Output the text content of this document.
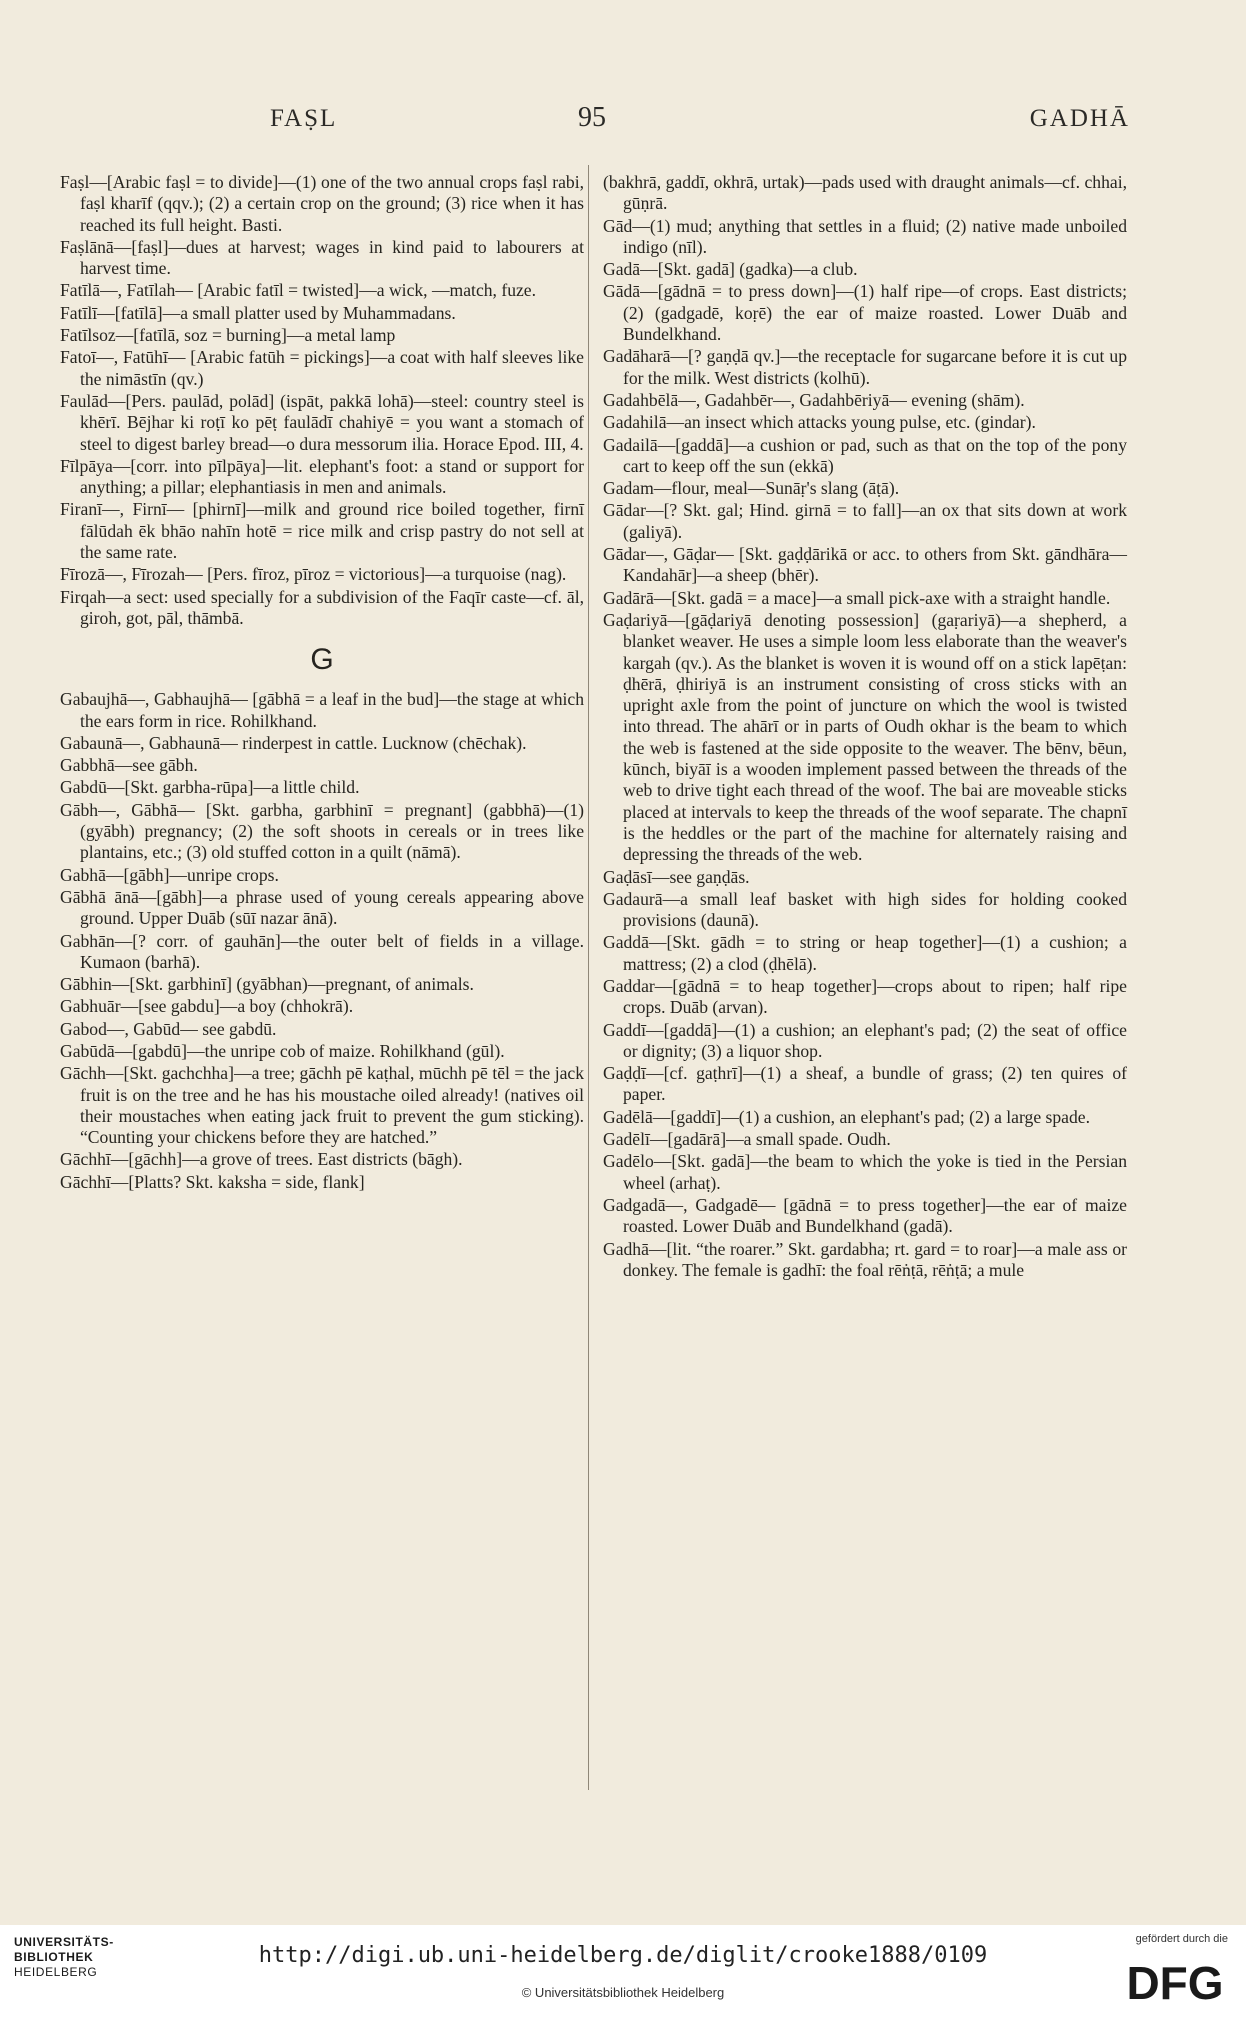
FAṢL	95	GADHĀ
Faṣl—[Arabic faṣl = to divide]—(1) one of the two annual crops faṣl rabi, faṣl kharīf (qqv.); (2) a certain crop on the ground; (3) rice when it has reached its full height. Basti.
Faṣlānā—[faṣl]—dues at harvest; wages in kind paid to labourers at harvest time.
Fatīlā—, Fatīlah— [Arabic fatīl = twisted]—a wick, —match, fuze.
Fatīlī—[fatīlā]—a small platter used by Muhammadans.
Fatīlsoz—[fatīlā, soz = burning]—a metal lamp
Fatoī—, Fatūhī— [Arabic fatūh = pickings]—a coat with half sleeves like the nimāstīn (qv.)
Faulād—[Pers. paulād, polād] (ispāt, pakkā lohā)—steel: country steel is khērī. Bējhar ki roṭī ko pēṭ faulādī chahiyē = you want a stomach of steel to digest barley bread—o dura messorum ilia. Horace Epod. III, 4.
Fīlpāya—[corr. into pīlpāya]—lit. elephant's foot: a stand or support for anything; a pillar; elephantiasis in men and animals.
Firanī—, Firnī— [phirnī]—milk and ground rice boiled together, firnī fālūdah ēk bhāo nahīn hotē = rice milk and crisp pastry do not sell at the same rate.
Fīrozā—, Fīrozah— [Pers. fīroz, pīroz = victorious]—a turquoise (nag).
Firqah—a sect: used specially for a subdivision of the Faqīr caste—cf. āl, giroh, got, pāl, thāmbā.
G
Gabaujhā—, Gabhaujhā— [gābhā = a leaf in the bud]—the stage at which the ears form in rice. Rohilkhand.
Gabaunā—, Gabhaunā— rinderpest in cattle. Lucknow (chēchak).
Gabbhā—see gābh.
Gabdū—[Skt. garbha-rūpa]—a little child.
Gābh—, Gābhā— [Skt. garbha, garbhinī = pregnant] (gabbhā)—(1) (gyābh) pregnancy; (2) the soft shoots in cereals or in trees like plantains, etc.; (3) old stuffed cotton in a quilt (nāmā).
Gabhā—[gābh]—unripe crops.
Gābhā ānā—[gābh]—a phrase used of young cereals appearing above ground. Upper Duāb (sūī nazar ānā).
Gabhān—[? corr. of gauhān]—the outer belt of fields in a village. Kumaon (barhā).
Gābhin—[Skt. garbhinī] (gyābhan)—pregnant, of animals.
Gabhuār—[see gabdu]—a boy (chhokrā).
Gabod—, Gabūd— see gabdū.
Gabūdā—[gabdū]—the unripe cob of maize. Rohilkhand (gūl).
Gāchh—[Skt. gachchha]—a tree; gāchh pē kaṭhal, mūchh pē tēl = the jack fruit is on the tree and he has his moustache oiled already! (natives oil their moustaches when eating jack fruit to prevent the gum sticking). “Counting your chickens before they are hatched.”
Gāchhī—[gāchh]—a grove of trees. East districts (bāgh).
Gāchhī—[Platts? Skt. kaksha = side, flank]
(bakhrā, gaddī, okhrā, urtak)—pads used with draught animals—cf. chhai, gūṇrā.
Gād—(1) mud; anything that settles in a fluid; (2) native made unboiled indigo (nīl).
Gadā—[Skt. gadā] (gadka)—a club.
Gādā—[gādnā = to press down]—(1) half ripe—of crops. East districts; (2) (gadgadē, koṛē) the ear of maize roasted. Lower Duāb and Bundelkhand.
Gadāharā—[? gaṇḍā qv.]—the receptacle for sugarcane before it is cut up for the milk. West districts (kolhū).
Gadahbēlā—, Gadahbēr—, Gadahbēriyā— evening (shām).
Gadahilā—an insect which attacks young pulse, etc. (gindar).
Gadailā—[gaddā]—a cushion or pad, such as that on the top of the pony cart to keep off the sun (ekkā)
Gadam—flour, meal—Sunāṛ's slang (āṭā).
Gādar—[? Skt. gal; Hind. girnā = to fall]—an ox that sits down at work (galiyā).
Gādar—, Gāḍar— [Skt. gaḍḍārikā or acc. to others from Skt. gāndhāra—Kandahār]—a sheep (bhēr).
Gadārā—[Skt. gadā = a mace]—a small pick-axe with a straight handle.
Gaḍariyā—[gāḍariyā denoting possession] (gaṛariyā)—a shepherd, a blanket weaver. He uses a simple loom less elaborate than the weaver's kargah (qv.). As the blanket is woven it is wound off on a stick lapēṭan: ḍhērā, ḍhiriyā is an instrument consisting of cross sticks with an upright axle from the point of juncture on which the wool is twisted into thread. The ahārī or in parts of Oudh okhar is the beam to which the web is fastened at the side opposite to the weaver. The bēnv, bēun, kūnch, biyāī is a wooden implement passed between the threads of the web to drive tight each thread of the woof. The bai are moveable sticks placed at intervals to keep the threads of the woof separate. The chapnī is the heddles or the part of the machine for alternately raising and depressing the threads of the web.
Gaḍāsī—see gaṇḍās.
Gadaurā—a small leaf basket with high sides for holding cooked provisions (daunā).
Gaddā—[Skt. gādh = to string or heap together]—(1) a cushion; a mattress; (2) a clod (ḍhēlā).
Gaddar—[gādnā = to heap together]—crops about to ripen; half ripe crops. Duāb (arvan).
Gaddī—[gaddā]—(1) a cushion; an elephant's pad; (2) the seat of office or dignity; (3) a liquor shop.
Gaḍḍī—[cf. gaṭhrī]—(1) a sheaf, a bundle of grass; (2) ten quires of paper.
Gadēlā—[gaddī]—(1) a cushion, an elephant's pad; (2) a large spade.
Gadēlī—[gadārā]—a small spade. Oudh.
Gadēlo—[Skt. gadā]—the beam to which the yoke is tied in the Persian wheel (arhaṭ).
Gadgadā—, Gadgadē— [gādnā = to press together]—the ear of maize roasted. Lower Duāb and Bundelkhand (gadā).
Gadhā—[lit. “the roarer.” Skt. gardabha; rt. gard = to roar]—a male ass or donkey. The female is gadhī: the foal rēṅṭā, rēṅṭā; a mule
UNIVERSITÄTS-
BIBLIOTHEK
HEIDELBERG
http://digi.ub.uni-heidelberg.de/diglit/crooke1888/0109
© Universitätsbibliothek Heidelberg
gefördert durch die
DFG
